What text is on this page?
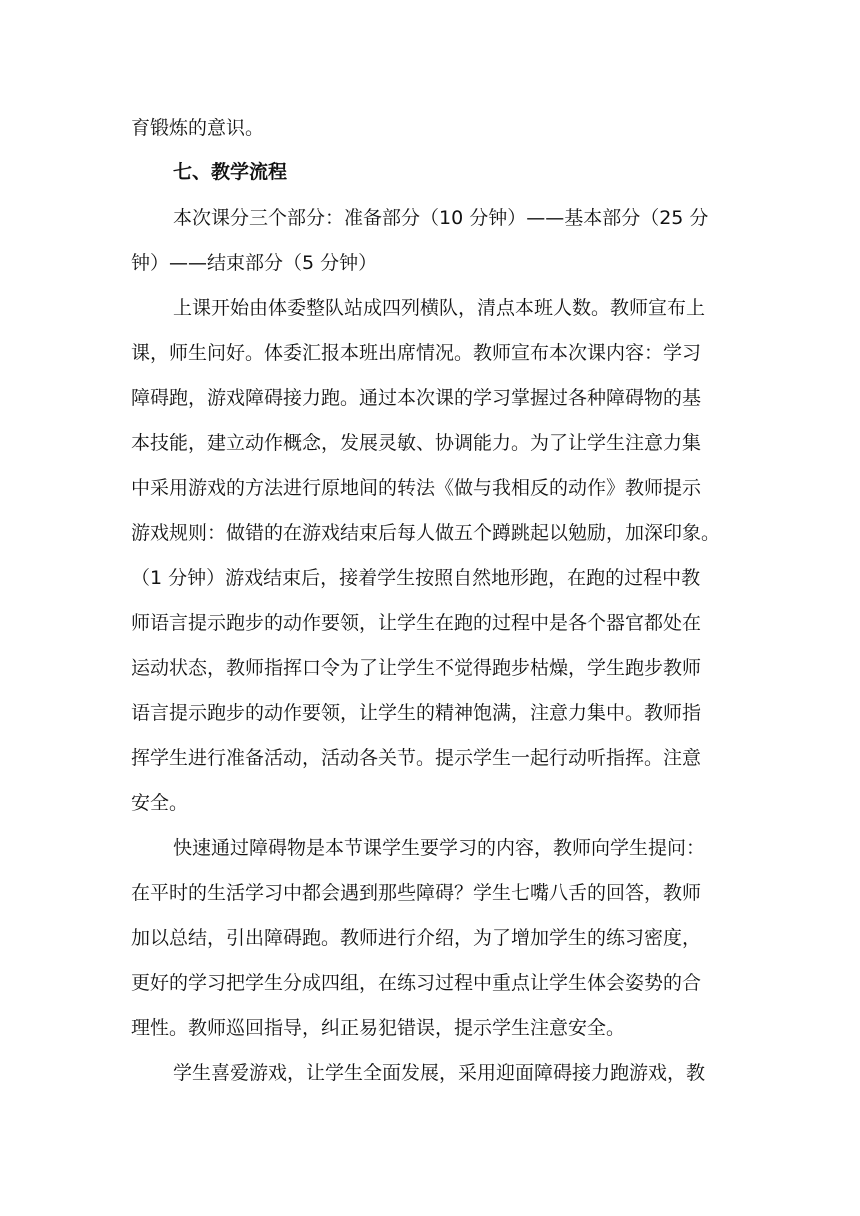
育锻炼的意识。
七、教学流程
本次课分三个部分：准备部分（10 分钟）——基本部分（25 分
钟）——结束部分（5 分钟）
上课开始由体委整队站成四列横队，清点本班人数。教师宣布上
课，师生问好。体委汇报本班出席情况。教师宣布本次课内容：学习
障碍跑，游戏障碍接力跑。通过本次课的学习掌握过各种障碍物的基
本技能，建立动作概念，发展灵敏、协调能力。为了让学生注意力集
中采用游戏的方法进行原地间的转法《做与我相反的动作》教师提示
游戏规则：做错的在游戏结束后每人做五个蹲跳起以勉励，加深印象。
（1 分钟）游戏结束后，接着学生按照自然地形跑，在跑的过程中教
师语言提示跑步的动作要领，让学生在跑的过程中是各个器官都处在
运动状态，教师指挥口令为了让学生不觉得跑步枯燥，学生跑步教师
语言提示跑步的动作要领，让学生的精神饱满，注意力集中。教师指
挥学生进行准备活动，活动各关节。提示学生一起行动听指挥。注意
安全。
快速通过障碍物是本节课学生要学习的内容，教师向学生提问：
在平时的生活学习中都会遇到那些障碍？学生七嘴八舌的回答，教师
加以总结，引出障碍跑。教师进行介绍，为了增加学生的练习密度，
更好的学习把学生分成四组，在练习过程中重点让学生体会姿势的合
理性。教师巡回指导，纠正易犯错误，提示学生注意安全。
学生喜爱游戏，让学生全面发展，采用迎面障碍接力跑游戏，教
